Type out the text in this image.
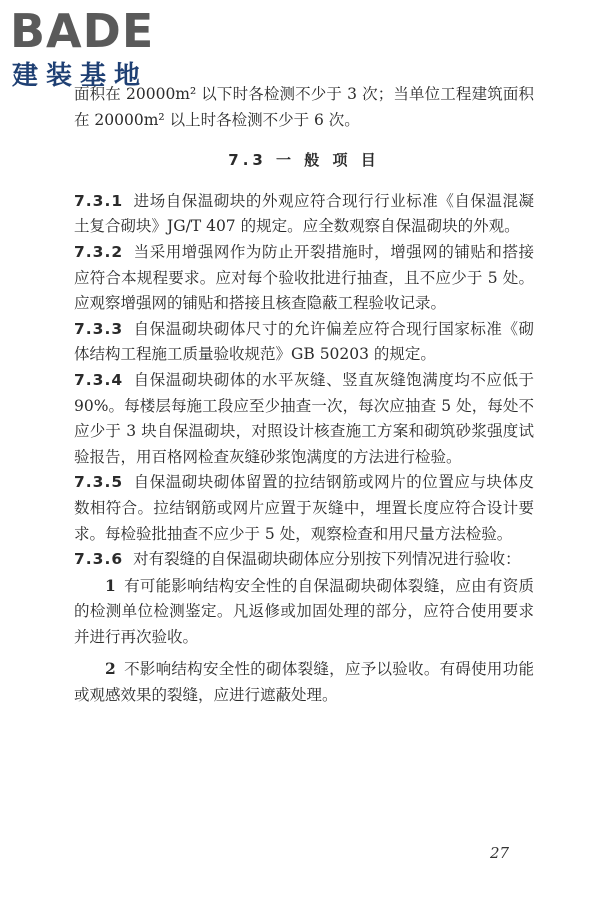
BADE
建装基地

面积在 20000m² 以下时各检测不少于 3 次；当单位工程建筑面积在 20000m² 以上时各检测不少于 6 次。

7.3 一 般 项 目

7.3.1 进场自保温砌块的外观应符合现行行业标准《自保温混凝土复合砌块》JG/T 407 的规定。应全数观察自保温砌块的外观。

7.3.2 当采用增强网作为防止开裂措施时，增强网的铺贴和搭接应符合本规程要求。应对每个验收批进行抽查，且不应少于 5 处。应观察增强网的铺贴和搭接且核查隐蔽工程验收记录。

7.3.3 自保温砌块砌体尺寸的允许偏差应符合现行国家标准《砌体结构工程施工质量验收规范》GB 50203 的规定。

7.3.4 自保温砌块砌体的水平灰缝、竖直灰缝饱满度均不应低于 90%。每楼层每施工段应至少抽查一次，每次应抽查 5 处，每处不应少于 3 块自保温砌块，对照设计核查施工方案和砌筑砂浆强度试验报告，用百格网检查灰缝砂浆饱满度的方法进行检验。

7.3.5 自保温砌块砌体留置的拉结钢筋或网片的位置应与块体皮数相符合。拉结钢筋或网片应置于灰缝中，埋置长度应符合设计要求。每检验批抽查不应少于 5 处，观察检查和用尺量方法检验。

7.3.6 对有裂缝的自保温砌块砌体应分别按下列情况进行验收：

1 有可能影响结构安全性的自保温砌块砌体裂缝，应由有资质的检测单位检测鉴定。凡返修或加固处理的部分，应符合使用要求并进行再次验收。

2 不影响结构安全性的砌体裂缝，应予以验收。有碍使用功能或观感效果的裂缝，应进行遮蔽处理。

27
